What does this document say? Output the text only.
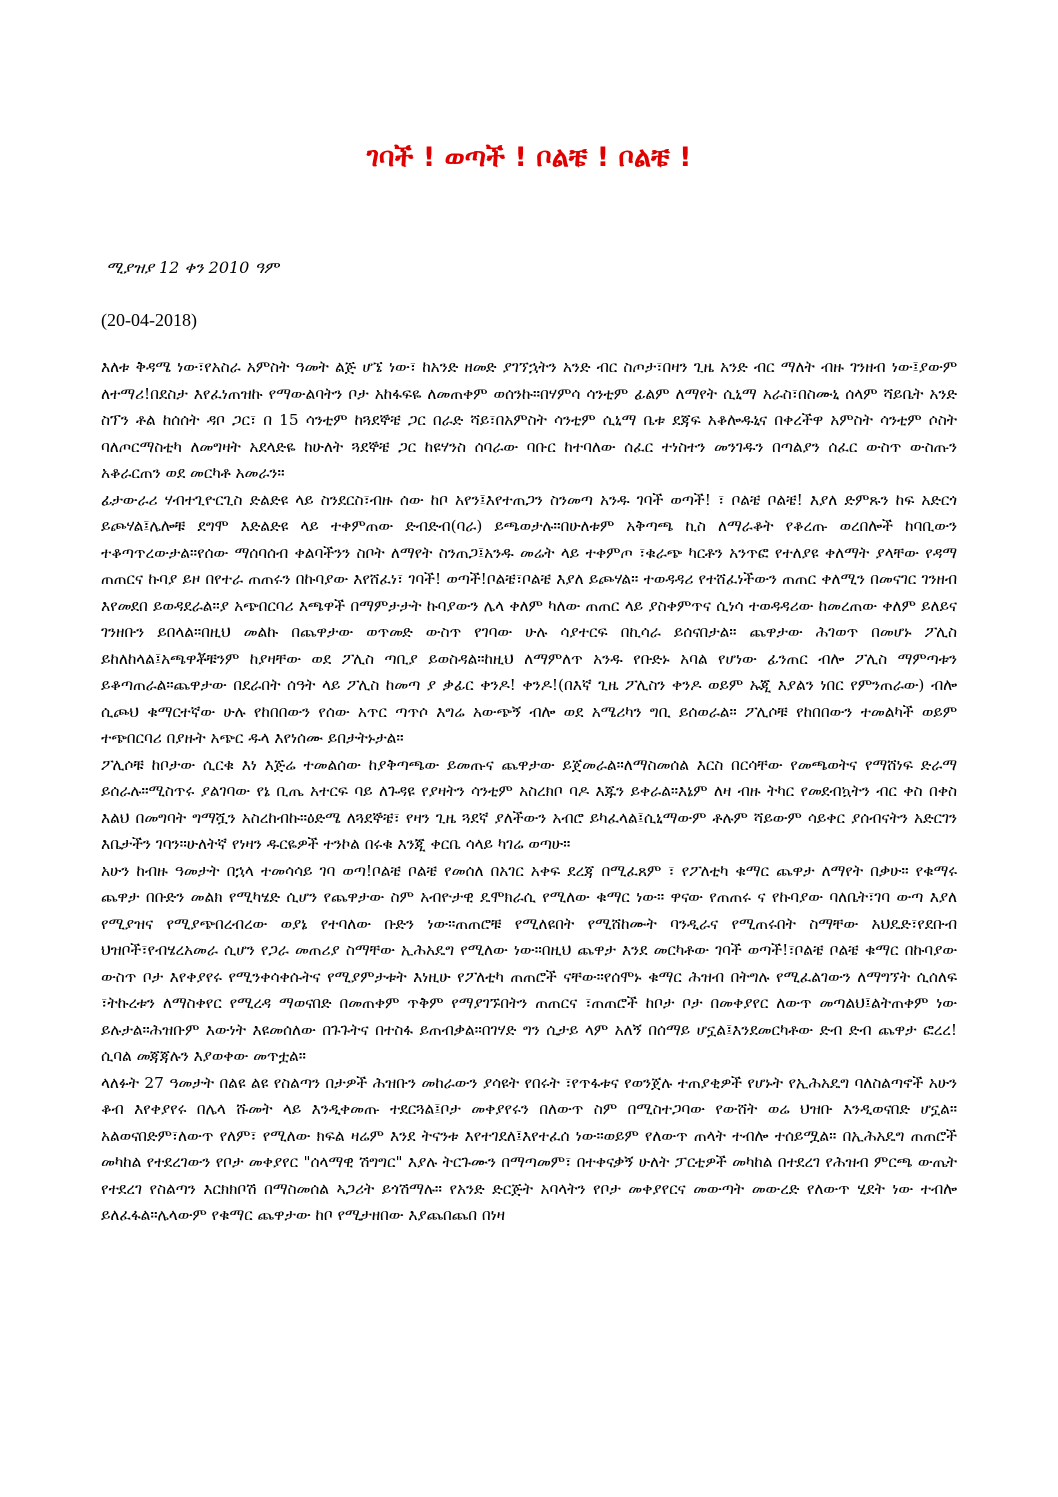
ገባች ! ወጣች ! ቦልቼ ! ቦልቼ !
ሚያዝያ 12 ቀን 2010 ዓም
(20-04-2018)

እለቱ ቅዳሜ ነው፣የአስራ አምስት ዓመት ልጅ ሆኜ ነው፣ ከአንድ ዘመድ ያገኘኋትን አንድ ብር ስጦታ፣በዛን ጊዜ አንድ ብር ማለት ብዙ ገንዘብ ነው፤ያውም ለተማሪ!በደስታ እየፈነጠዝኩ የማውልባትን ቦታ አከፋፍዬ ለመጠቀም ወሰንኩ።በሃምሳ ሳንቲም ፊልም ለማየት ሲኒማ አራስ፣በስሙኒ ሰላም ሻይቤት አንድ ስፕን ቶል ከሰሰት ዳቦ ጋር፣ በ 15 ሳንቲም ከጓደኞቼ ጋር በራድ ሻይ፣በአምስት ሳንቲም ሲኒማ ቤቱ ደጃፍ አቆሎዱኒና በቀረችዋ አምስት ሳንቲም ሶስት ባለጦርማስቲካ ለመግዛት አደላድዬ ከሁለት ጓደኞቼ ጋር ከዩሃንስ ሰባራው ባቡር ከተባለው ሰፈር ተነስተን መንገዱን በጣልያን ሰፈር ውስጥ ውስጡን አቆራርጠን ወደ መርካቶ አመራን።

ፊታውራሪ ሃብተጊዮርጊስ ድልድዩ ላይ ስንደርስ፣ብዙ ሰው ከቦ አየን፤እየተጠጋን ስንመጣ አንዱ ገባች ወጣች! ፣ ቦልቼ ቦልቼ! እያለ ድምጹን ከፍ አድርጎ ይጮሃል፤ሌሎቹ ደግሞ እድልድዩ ላይ ተቀምጠው ድብድብ(ባራ) ይጫወታሉ።በሁለቱም አቅጣጫ ኪስ ለማራቆት የቆረጡ ወረበሎች ከባቢውን ተቆጣጥረውታል።የሰው ማሰባሰብ ቀልባችንን ስቦት ለማየት ስንጠጋ፤አንዱ መሬት ላይ ተቀምጦ ፣ቁራጭ ካርቶን አንጥፎ የተለያዩ ቀለማት ያላቸው የዳማ ጠጠርና ኩባያ ይዞ በየተራ ጠጠሩን በኩባያው እየሸፈነ፣ ገባች! ወጣች!ቦልቼ፣ቦልቼ እያለ ይጮሃል። ተወዳዳሪ የተሸፈነችውን ጠጠር ቀለሚን በመናገር ገንዘብ እየመደበ ይወዳደራል።ያ አጭበርባሪ እጫዋች በማምታታት ኩባያውን ሌላ ቀለም ካለው ጠጠር ላይ ያስቀምጥና ሲነሳ ተወዳዳሪው ከመረጠው ቀለም ይለይና ገንዘቡን ይበላል።በዚህ መልኩ በጨዋታው ወጥመድ ውስጥ የገባው ሁሉ ሳያተርፍ በኪሳራ ይሰናበታል። ጨዋታው ሕገወጥ በመሆኑ ፖሊስ ይከለከላል፤አጫዋቾቹንም ከያዛቸው ወደ ፖሊስ ጣቢያ ይወስዳል።ከዚህ ለማምለጥ አንዱ የቡድኑ አባል የሆነው ፊንጠር ብሎ ፖሊስ ማምጣቱን ይቆጣጠራል።ጨዋታው በደራበት ሰዓት ላይ ፖሊስ ከመጣ ያ ቃፊር ቀንዶ! ቀንዶ!(በእኛ ጊዜ ፖሊስን ቀንዶ ወይም ኡጂ እያልን ነበር የምንጠራው) ብሎ ሲጮህ ቁማርተኛው ሁሉ የከበበውን የሰው አጥር ጣጥሶ እግሬ አውጭኝ ብሎ ወደ አሜሪካን ግቢ ይሰወራል። ፖሊሶቹ የከበበውን ተመልካች ወይም ተጭበርባሪ በያዙት አጭር ዱላ እየነሰሙ ይበታትኑታል።

ፖሊሶቹ ከቦታው ሲርቁ እነ እጅሬ ተመልሰው ከያቅጣጫው ይመጡና ጨዋታው ይጀመራል።ለማስመሰል እርስ በርሳቸው የመጫወትና የማሸነፍ ድራማ ይሰራሉ።ሚስጥሩ ያልገባው የኔ ቢጤ አተርፍ ባይ ለጉዳዩ የያዛትን ሳንቲም አስረክቦ ባዶ እጁን ይቀራል።እኔም ለዛ ብዙ ትካር የመደብኳትን ብር ቀስ በቀስ እልህ በመግባት ግማሿን አስረከብኩ።ዕድሜ ለጓደኞቼ፣ የዛን ጊዜ ጓደኛ ያለችውን አብሮ ይካፈላል፤ሲኒማውም ቶሉም ሻይውም ሳይቀር ያሰብናትን አድርገን እቤታችን ገባን።ሁለትኛ የነዛን ዱርዬዎች ተንኮል በሩቁ እንጂ ቀርቤ ሳላይ ካገሬ ወጣሁ።

አሁን ከብዙ ዓመታት በኋላ ተመሳሳይ ገባ ወጣ!ቦልቼ ቦልቼ የመሰለ በአገር አቀፍ ደረጃ በሚፈጸም ፣ የፖለቲካ ቁማር ጨዋታ ለማየት በቃሁ። የቁማሩ ጨዋታ በቡድን መልክ የሚካሄድ ሲሆን የጨዋታው ስም አብዮታዊ ዴሞክራሲ የሚለው ቁማር ነው። ዋናው የጠጠሩ ና የኩባያው ባለቤት፣ገባ ውጣ እያለ የሚያዝና የሚያጭበረብረው ወያኔ የተባለው ቡድን ነው።ጠጠሮቹ የሚለዩበት የሚሸከሙት ባንዲራና የሚጠሩበት ስማቸው አህዴድ፣የደቡብ ህዝቦች፣የብሄረአመራ ሲሆን የጋራ መጠሪያ ስማቸው ኢሕአዴግ የሚለው ነው።በዚህ ጨዋታ እንደ መርካቶው ገባች ወጣች!፣ቦልቼ ቦልቼ ቁማር በኩባያው ውስጥ ቦታ እየቀያየሩ የሚንቀሳቀሱትና የሚያምታቱት እነዚሁ የፖለቲካ ጠጠሮች ናቸው።የሰሞኑ ቁማር ሕዝብ በትግሉ የሚፈልገውን ለማግኘት ሲሰለፍ ፣ትኩረቱን ለማስቀየር የሚረዳ ማወናበድ በመጠቀም ጥቅም የማያገኙበትን ጠጠርና ፣ጠጠሮች ከቦታ ቦታ በመቀያየር ለውጥ መጣልህ፤ልትጠቀም ነው ይሉታል።ሕዝቡም እውነት እዩመሰለው በጉጉትና በተስፋ ይጠብቃል።በገሃድ ግን ሲታይ ላም አለኝ በሰማይ ሆኗል፤እንደመርካቶው ድብ ድብ ጨዋታ ፎረረ! ሲባል መጃጃሉን እያወቀው መጥቷል።

ላለፉት 27 ዓመታት በልዩ ልዩ የስልጣን በታዎች ሕዝቡን መከራውን ያሳዩት የበሩት ፣የጥፋቱና የወንጀሉ ተጠያቂዎች የሆኑት የኢሕአዴግ ባለስልጣኖች አሁን ቆብ እየቀያየሩ በሌላ ሹመት ላይ እንዲቀመጡ ተደርጓል፤ቦታ መቀያየሩን በለውጥ ስም በሚስተጋባው የውሸት ወሬ ህዝቡ እንዲወናበድ ሆኗል። አልወናበድም፣ለውጥ የለም፣ የሚለው ክፍል ዛሬም እንደ ትናንቱ እየተገደለ፤እየተፈሰ ነው።ወይም የለውጥ ጠላት ተብሎ ተሰይሟል። በኢሕአዴግ ጠጠሮች መካከል የተደረገውን የቦታ መቀያየር "ሰላማዊ ሽግግር" እያሉ ትርጉሙን በማጣመም፣ በተቀናቃኝ ሁለት ፓርቲዎች መካከል በተደረገ የሕዝብ ምርጫ ውጤት የተደረገ የስልጣን እርክክቦሽ በማስመሰል ኣጋሪት ይጎሽማሉ። የአንድ ድርጅት አባላትን የቦታ መቀያየርና መውጣት መውረድ የለውጥ ሂደት ነው ተብሎ ይለፈፋል።ሌላውም የቁማር ጨዋታው ከቦ የሚታዘበው እያጨበጨበ በነዛ
